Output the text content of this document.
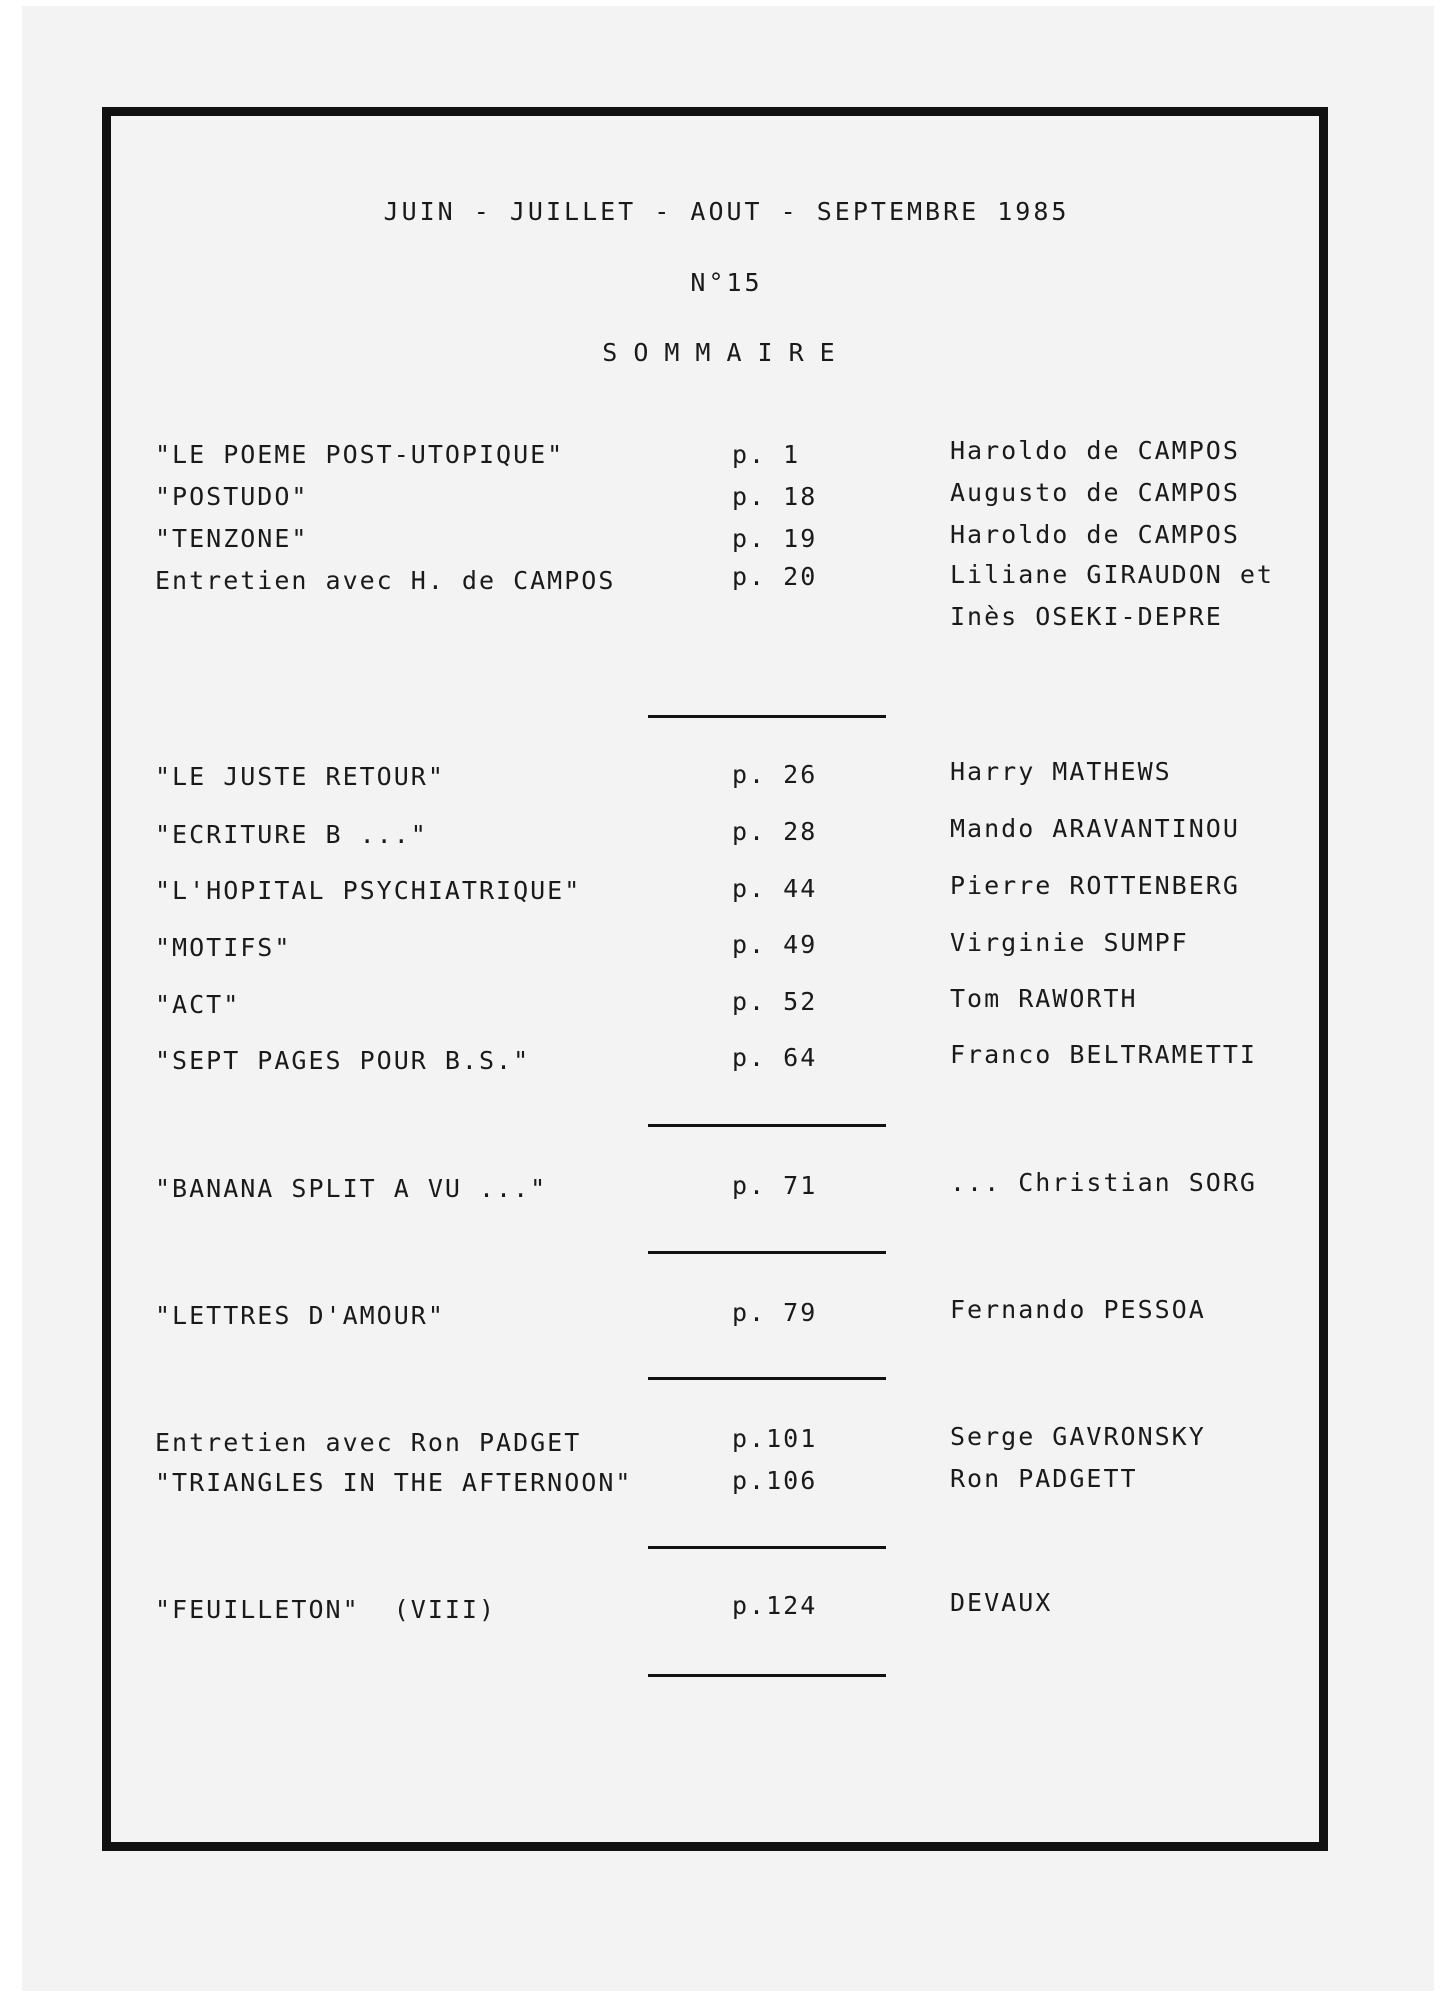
JUIN - JUILLET - AOUT - SEPTEMBRE 1985
N°15
SOMMAIRE
"LE POEME POST-UTOPIQUE"	p. 1	Haroldo de CAMPOS
"POSTUDO"	p. 18	Augusto de CAMPOS
"TENZONE"	p. 19	Haroldo de CAMPOS
Entretien avec H. de CAMPOS	p. 20	Liliane GIRAUDON et
Inès OSEKI-DEPRE
"LE JUSTE RETOUR"	p. 26	Harry MATHEWS
"ECRITURE B ..."	p. 28	Mando ARAVANTINOU
"L'HOPITAL PSYCHIATRIQUE"	p. 44	Pierre ROTTENBERG
"MOTIFS"	p. 49	Virginie SUMPF
"ACT"	p. 52	Tom RAWORTH
"SEPT PAGES POUR B.S."	p. 64	Franco BELTRAMETTI
"BANANA SPLIT A VU ..."	p. 71	... Christian SORG
"LETTRES D'AMOUR"	p. 79	Fernando PESSOA
Entretien avec Ron PADGET	p.101	Serge GAVRONSKY
"TRIANGLES IN THE AFTERNOON"	p.106	Ron PADGETT
"FEUILLETON"  (VIII)	p.124	DEVAUX
